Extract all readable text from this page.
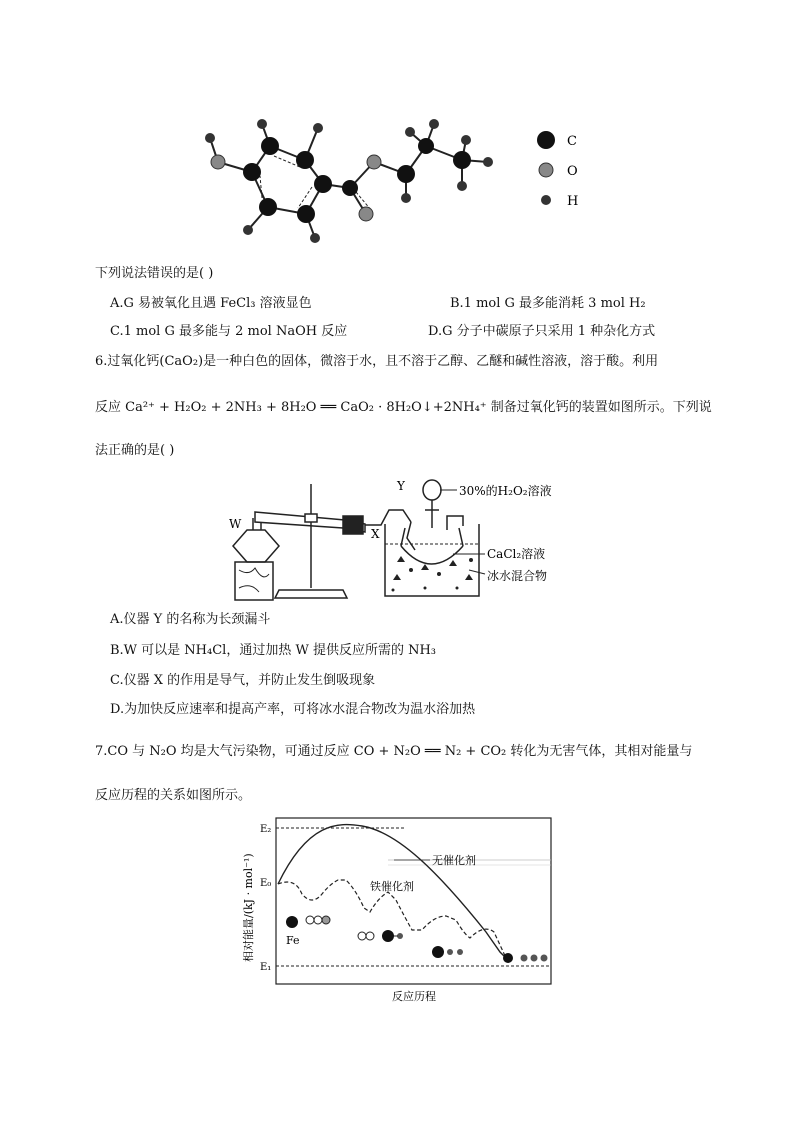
C
O
H
下列说法错误的是( )
A.G 易被氧化且遇 FeCl₃ 溶液显色	B.1 mol G 最多能消耗 3 mol H₂
C.1 mol G 最多能与 2 mol NaOH 反应	D.G 分子中碳原子只采用 1 种杂化方式
6.过氧化钙(CaO₂)是一种白色的固体，微溶于水，且不溶于乙醇、乙醚和碱性溶液，溶于酸。利用
反应 Ca²⁺ + H₂O₂ + 2NH₃ + 8H₂O ══ CaO₂ · 8H₂O↓+2NH₄⁺ 制备过氧化钙的装置如图所示。下列说
法正确的是( )
Y	30%的H₂O₂溶液
W
X
CaCl₂溶液
冰水混合物
A.仪器 Y 的名称为长颈漏斗
B.W 可以是 NH₄Cl，通过加热 W 提供反应所需的 NH₃
C.仪器 X 的作用是导气，并防止发生倒吸现象
D.为加快反应速率和提高产率，可将冰水混合物改为温水浴加热
7.CO 与 N₂O 均是大气污染物，可通过反应 CO + N₂O ══ N₂ + CO₂ 转化为无害气体，其相对能量与
反应历程的关系如图所示。
相对能量/(kJ · mol⁻¹)
E₂
E₀
E₁
无催化剂
铁催化剂
Fe
反应历程
